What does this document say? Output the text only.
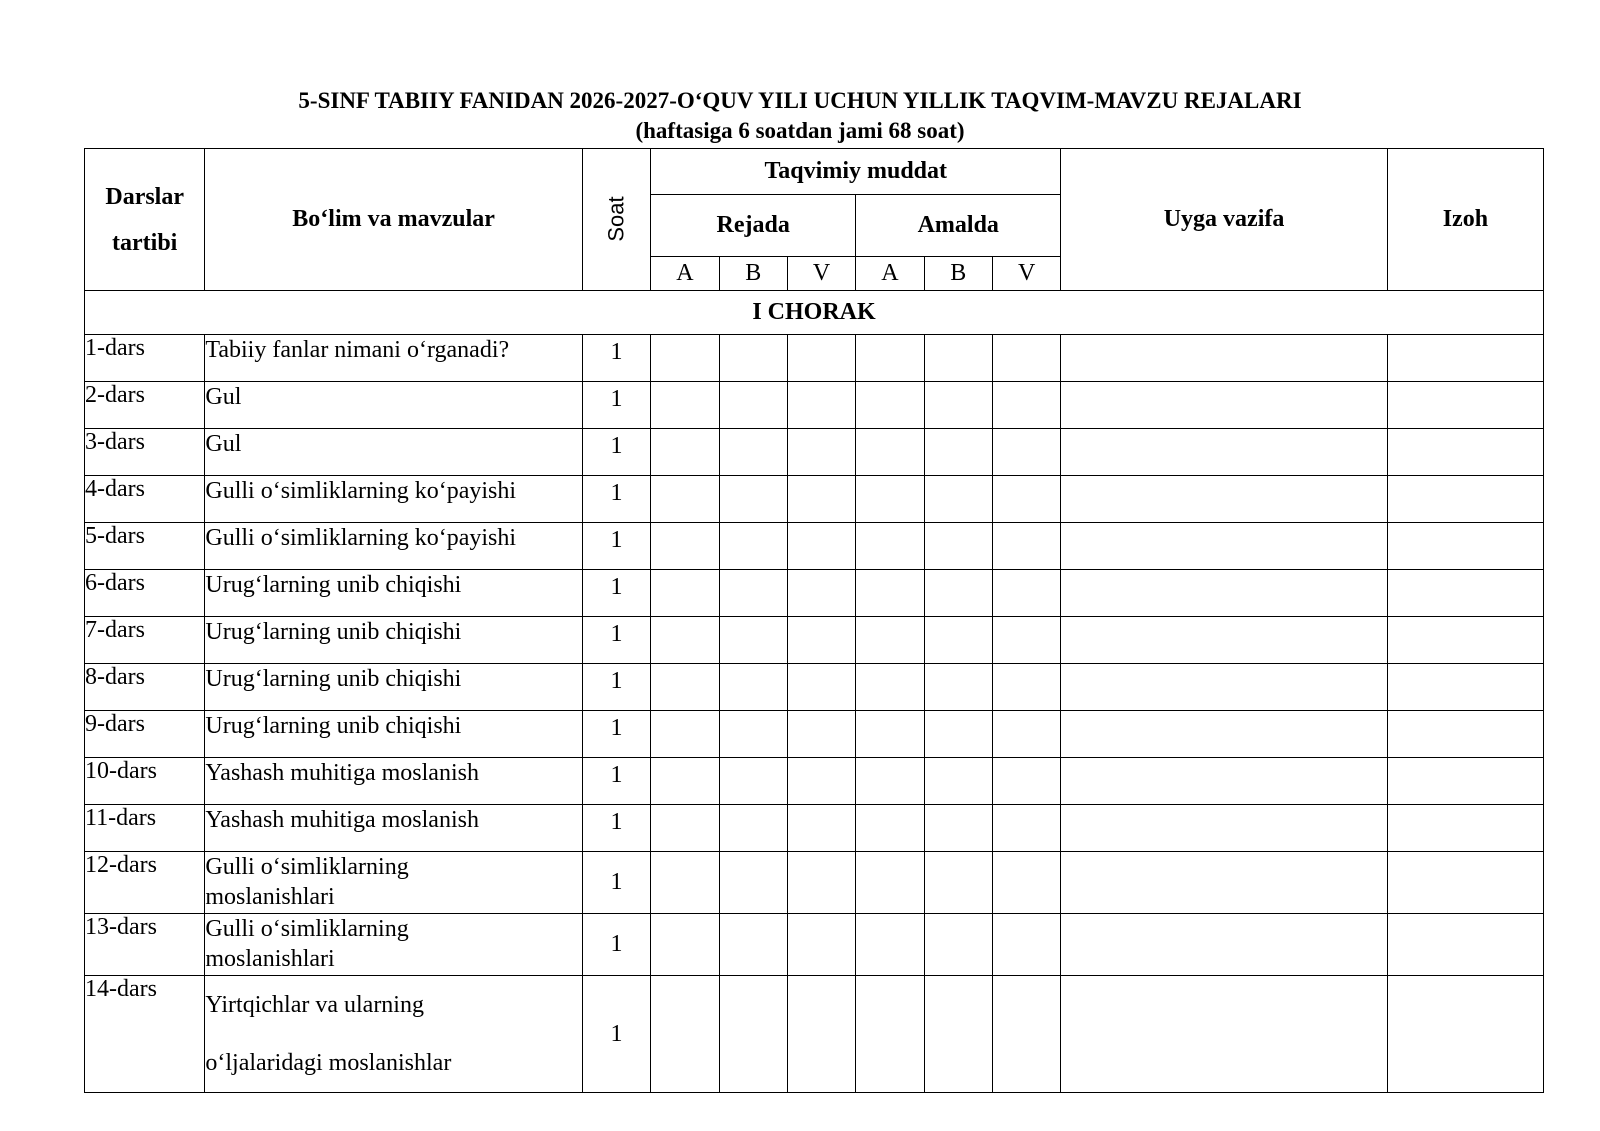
5-SINF TABIIY FANIDAN 2026-2027-O‘QUV YILI UCHUN YILLIK TAQVIM-MAVZU REJALARI
(haftasiga 6 soatdan jami 68 soat)
Darslar
tartibi	Bo‘lim va mavzular	Soat	Taqvimiy muddat						Uyga vazifa	Izoh
			Rejada			Amalda				
			A	B	V	A	B	V		
I CHORAK										
1-dars	Tabiiy fanlar nimani o‘rganadi?	1								
2-dars	Gul	1								
3-dars	Gul	1								
4-dars	Gulli o‘simliklarning ko‘payishi	1								
5-dars	Gulli o‘simliklarning ko‘payishi	1								
6-dars	Urug‘larning unib chiqishi	1								
7-dars	Urug‘larning unib chiqishi	1								
8-dars	Urug‘larning unib chiqishi	1								
9-dars	Urug‘larning unib chiqishi	1								
10-dars	Yashash muhitiga moslanish	1								
11-dars	Yashash muhitiga moslanish	1								
12-dars	Gulli o‘simliklarning
moslanishlari	1								
13-dars	Gulli o‘simliklarning
moslanishlari	1								
14-dars	Yirtqichlar va ularning
o‘ljalaridagi moslanishlar	1								
